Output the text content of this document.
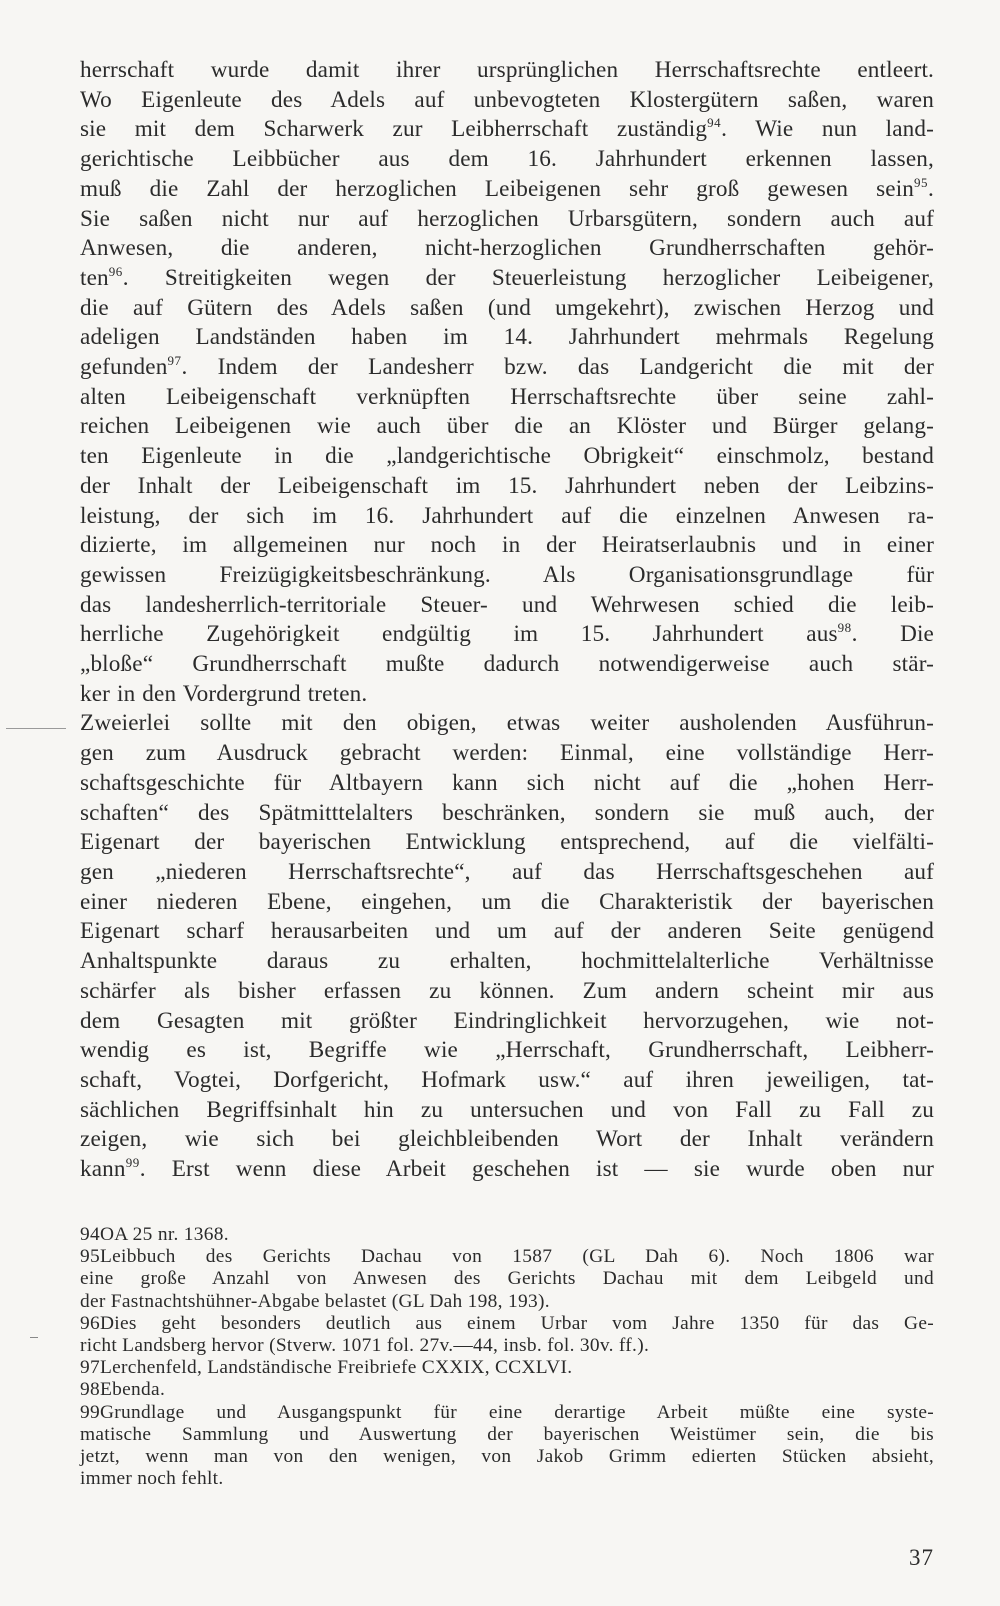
herrschaft wurde damit ihrer ursprünglichen Herrschaftsrechte entleert.
Wo Eigenleute des Adels auf unbevogteten Klostergütern saßen, waren
sie mit dem Scharwerk zur Leibherrschaft zuständig$^{94}$. Wie nun land-
gerichtische Leibbücher aus dem 16. Jahrhundert erkennen lassen,
muß die Zahl der herzoglichen Leibeigenen sehr groß gewesen sein$^{95}$.
Sie saßen nicht nur auf herzoglichen Urbarsgütern, sondern auch auf
Anwesen, die anderen, nicht-herzoglichen Grundherrschaften gehör-
ten$^{96}$. Streitigkeiten wegen der Steuerleistung herzoglicher Leibeigener,
die auf Gütern des Adels saßen (und umgekehrt), zwischen Herzog und
adeligen Landständen haben im 14. Jahrhundert mehrmals Regelung
gefunden$^{97}$. Indem der Landesherr bzw. das Landgericht die mit der
alten Leibeigenschaft verknüpften Herrschaftsrechte über seine zahl-
reichen Leibeigenen wie auch über die an Klöster und Bürger gelang-
ten Eigenleute in die „landgerichtische Obrigkeit“ einschmolz, bestand
der Inhalt der Leibeigenschaft im 15. Jahrhundert neben der Leibzins-
leistung, der sich im 16. Jahrhundert auf die einzelnen Anwesen ra-
dizierte, im allgemeinen nur noch in der Heiratserlaubnis und in einer
gewissen Freizügigkeitsbeschränkung. Als Organisationsgrundlage für
das landesherrlich-territoriale Steuer- und Wehrwesen schied die leib-
herrliche Zugehörigkeit endgültig im 15. Jahrhundert aus$^{98}$. Die
„bloße“ Grundherrschaft mußte dadurch notwendigerweise auch stär-
ker in den Vordergrund treten.
Zweierlei sollte mit den obigen, etwas weiter ausholenden Ausführun-
gen zum Ausdruck gebracht werden: Einmal, eine vollständige Herr-
schaftsgeschichte für Altbayern kann sich nicht auf die „hohen Herr-
schaften“ des Spätmitttelalters beschränken, sondern sie muß auch, der
Eigenart der bayerischen Entwicklung entsprechend, auf die vielfälti-
gen „niederen Herrschaftsrechte“, auf das Herrschaftsgeschehen auf
einer niederen Ebene, eingehen, um die Charakteristik der bayerischen
Eigenart scharf herausarbeiten und um auf der anderen Seite genügend
Anhaltspunkte daraus zu erhalten, hochmittelalterliche Verhältnisse
schärfer als bisher erfassen zu können. Zum andern scheint mir aus
dem Gesagten mit größter Eindringlichkeit hervorzugehen, wie not-
wendig es ist, Begriffe wie „Herrschaft, Grundherrschaft, Leibherr-
schaft, Vogtei, Dorfgericht, Hofmark usw.“ auf ihren jeweiligen, tat-
sächlichen Begriffsinhalt hin zu untersuchen und von Fall zu Fall zu
zeigen, wie sich bei gleichbleibenden Wort der Inhalt verändern
kann$^{99}$. Erst wenn diese Arbeit geschehen ist — sie wurde oben nur
94OA 25 nr. 1368.
95Leibbuch des Gerichts Dachau von 1587 (GL Dah 6). Noch 1806 war
eine große Anzahl von Anwesen des Gerichts Dachau mit dem Leibgeld und
der Fastnachtshühner-Abgabe belastet (GL Dah 198, 193).
96Dies geht besonders deutlich aus einem Urbar vom Jahre 1350 für das Ge-
richt Landsberg hervor (Stverw. 1071 fol. 27v.—44, insb. fol. 30v. ff.).
97Lerchenfeld, Landständische Freibriefe CXXIX, CCXLVI.
98Ebenda.
99Grundlage und Ausgangspunkt für eine derartige Arbeit müßte eine syste-
matische Sammlung und Auswertung der bayerischen Weistümer sein, die bis
jetzt, wenn man von den wenigen, von Jakob Grimm edierten Stücken absieht,
immer noch fehlt.
37
